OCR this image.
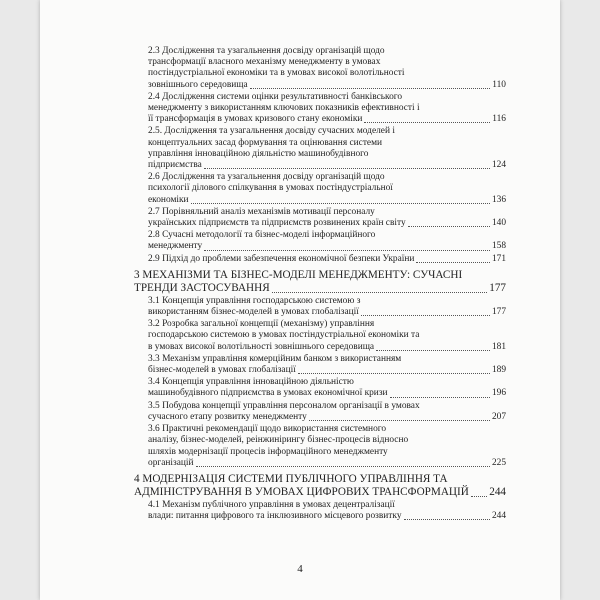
2.3 Дослідження та узагальнення досвіду організацій щодо
трансформації власного механізму менеджменту в умовах
постіндустріальної економіки та в умовах високої волотільності
зовнішнього середовища	110
2.4 Дослідження системи оцінки результативності банківського
менеджменту з використанням ключових показників ефективності і
її трансформація в умовах кризового стану економіки	116
2.5. Дослідження та узагальнення досвіду сучасних моделей і
концептуальних засад формування та оцінювання системи
управління інноваційною діяльністю машинобудівного
підприємства	124
2.6 Дослідження та узагальнення досвіду організацій щодо
психології ділового спілкування в умовах постіндустріальної
економіки	136
2.7 Порівняльний аналіз механізмів мотивації персоналу
українських підприємств та підприємств розвинених країн світу	140
2.8 Сучасні методології та бізнес-моделі інформаційного
менеджменту	158
2.9 Підхід до проблеми забезпечення економічної безпеки України	171
3 МЕХАНІЗМИ ТА БІЗНЕС-МОДЕЛІ МЕНЕДЖМЕНТУ: СУЧАСНІ
ТРЕНДИ ЗАСТОСУВАННЯ	177
3.1 Концепція управління господарською системою з
використанням бізнес-моделей в умовах глобалізації	177
3.2 Розробка загальної концепції (механізму) управління
господарською системою в умовах постіндустріальної економіки та
в умовах високої волотільності зовнішнього середовища	181
3.3 Механізм управління комерційним банком з використанням
бізнес-моделей в умовах глобалізації	189
3.4 Концепція управління інноваційною діяльністю
машинобудівного підприємства в умовах економічної кризи	196
3.5 Побудова концепції управління персоналом організації в умовах
сучасного етапу розвитку менеджменту	207
3.6 Практичні рекомендації щодо використання системного
аналізу, бізнес-моделей, реінжинірингу бізнес-процесів відносно
шляхів модернізації процесів інформаційного менеджменту
організацій	225
4 МОДЕРНІЗАЦІЯ СИСТЕМИ ПУБЛІЧНОГО УПРАВЛІННЯ ТА
АДМІНІСТРУВАННЯ В УМОВАХ ЦИФРОВИХ ТРАНСФОРМАЦІЙ 244
4.1 Механізм публічного управління в умовах децентралізації
влади: питання цифрового та інклюзивного місцевого розвитку	244
4
